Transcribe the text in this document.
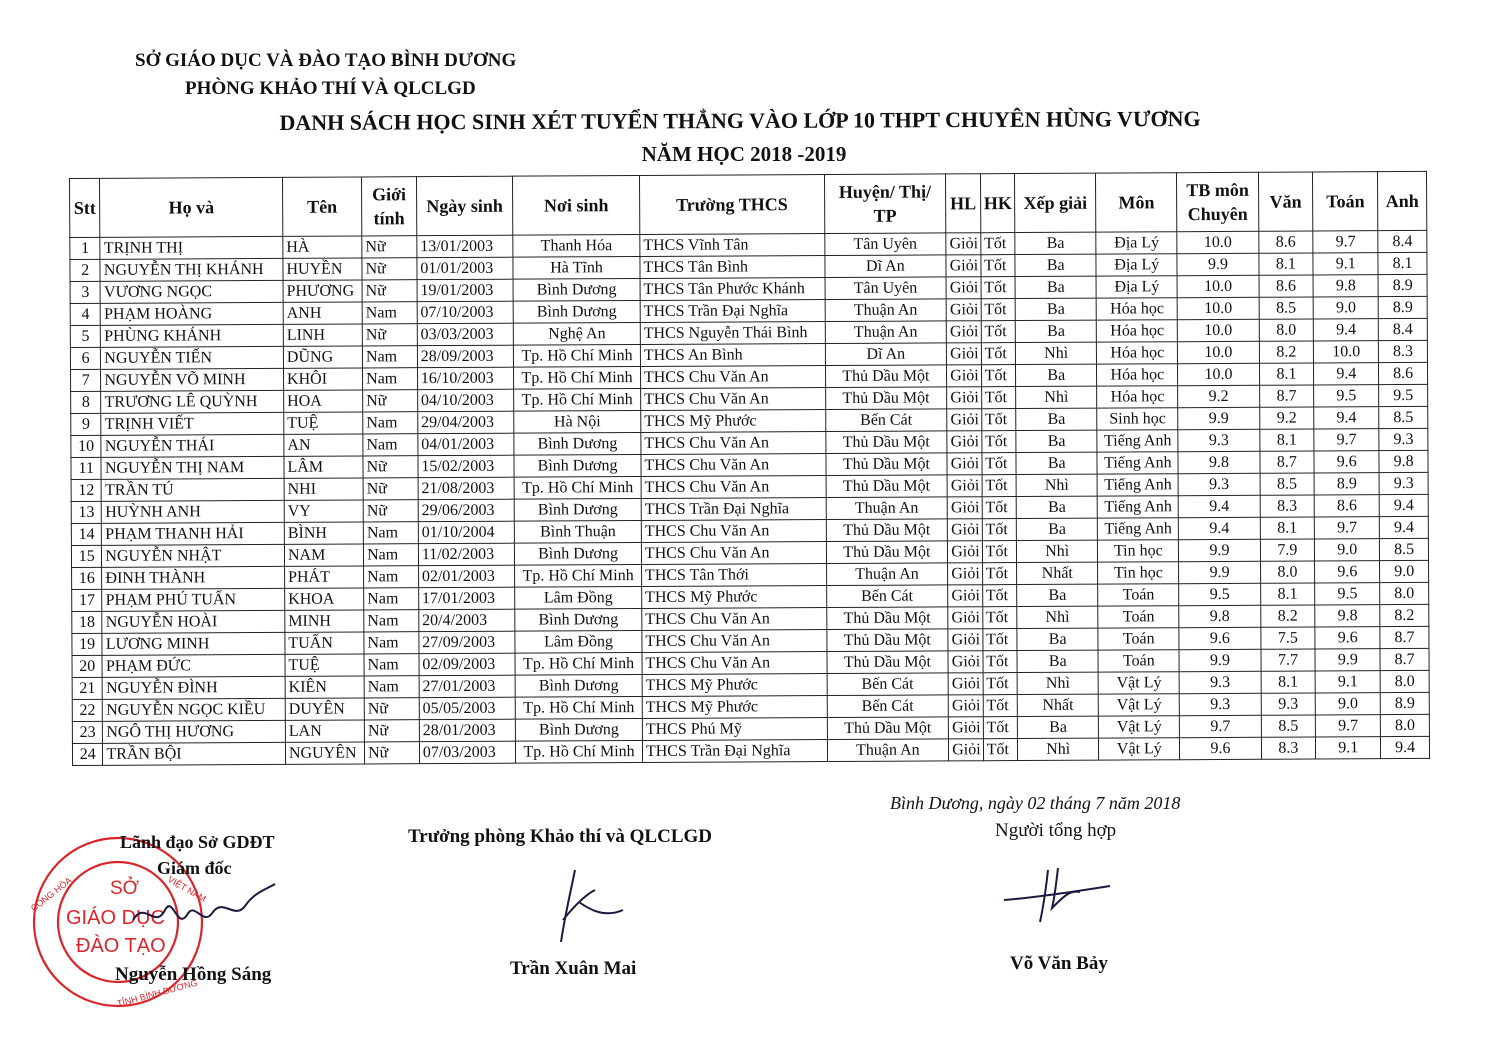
SỞ GIÁO DỤC VÀ ĐÀO TẠO BÌNH DƯƠNG
PHÒNG KHẢO THÍ VÀ QLCLGD
DANH SÁCH HỌC SINH XÉT TUYỂN THẲNG VÀO LỚP 10 THPT CHUYÊN HÙNG VƯƠNG
NĂM HỌC 2018 -2019
Stt	Họ và	Tên	Giới tính	Ngày sinh	Nơi sinh	Trường THCS	Huyện/ Thị/ TP	HL	HK	Xếp giải	Môn	TB môn Chuyên	Văn	Toán	Anh
1	TRỊNH THỊ	HÀ	Nữ	13/01/2003	Thanh Hóa	THCS Vĩnh Tân	Tân Uyên	Giỏi	Tốt	Ba	Địa Lý	10.0	8.6	9.7	8.4
2	NGUYỄN THỊ KHÁNH	HUYỀN	Nữ	01/01/2003	Hà Tĩnh	THCS Tân Bình	Dĩ An	Giỏi	Tốt	Ba	Địa Lý	9.9	8.1	9.1	8.1
3	VƯƠNG NGỌC	PHƯƠNG	Nữ	19/01/2003	Bình Dương	THCS Tân Phước Khánh	Tân Uyên	Giỏi	Tốt	Ba	Địa Lý	10.0	8.6	9.8	8.9
4	PHẠM HOÀNG	ANH	Nam	07/10/2003	Bình Dương	THCS Trần Đại Nghĩa	Thuận An	Giỏi	Tốt	Ba	Hóa học	10.0	8.5	9.0	8.9
5	PHÙNG KHÁNH	LINH	Nữ	03/03/2003	Nghệ An	THCS Nguyễn Thái Bình	Thuận An	Giỏi	Tốt	Ba	Hóa học	10.0	8.0	9.4	8.4
6	NGUYỄN TIẾN	DŨNG	Nam	28/09/2003	Tp. Hồ Chí Minh	THCS An Bình	Dĩ An	Giỏi	Tốt	Nhì	Hóa học	10.0	8.2	10.0	8.3
7	NGUYỄN VÕ MINH	KHÔI	Nam	16/10/2003	Tp. Hồ Chí Minh	THCS Chu Văn An	Thủ Dầu Một	Giỏi	Tốt	Ba	Hóa học	10.0	8.1	9.4	8.6
8	TRƯƠNG LÊ QUỲNH	HOA	Nữ	04/10/2003	Tp. Hồ Chí Minh	THCS Chu Văn An	Thủ Dầu Một	Giỏi	Tốt	Nhì	Hóa học	9.2	8.7	9.5	9.5
9	TRỊNH VIẾT	TUỆ	Nam	29/04/2003	Hà Nội	THCS Mỹ Phước	Bến Cát	Giỏi	Tốt	Ba	Sinh học	9.9	9.2	9.4	8.5
10	NGUYỄN THÁI	AN	Nam	04/01/2003	Bình Dương	THCS Chu Văn An	Thủ Dầu Một	Giỏi	Tốt	Ba	Tiếng Anh	9.3	8.1	9.7	9.3
11	NGUYỄN THỊ NAM	LÂM	Nữ	15/02/2003	Bình Dương	THCS Chu Văn An	Thủ Dầu Một	Giỏi	Tốt	Ba	Tiếng Anh	9.8	8.7	9.6	9.8
12	TRẦN TÚ	NHI	Nữ	21/08/2003	Tp. Hồ Chí Minh	THCS Chu Văn An	Thủ Dầu Một	Giỏi	Tốt	Nhì	Tiếng Anh	9.3	8.5	8.9	9.3
13	HUỲNH ANH	VY	Nữ	29/06/2003	Bình Dương	THCS Trần Đại Nghĩa	Thuận An	Giỏi	Tốt	Ba	Tiếng Anh	9.4	8.3	8.6	9.4
14	PHẠM THANH HẢI	BÌNH	Nam	01/10/2004	Bình Thuận	THCS Chu Văn An	Thủ Dầu Một	Giỏi	Tốt	Ba	Tiếng Anh	9.4	8.1	9.7	9.4
15	NGUYỄN NHẬT	NAM	Nam	11/02/2003	Bình Dương	THCS Chu Văn An	Thủ Dầu Một	Giỏi	Tốt	Nhì	Tin học	9.9	7.9	9.0	8.5
16	ĐINH THÀNH	PHÁT	Nam	02/01/2003	Tp. Hồ Chí Minh	THCS Tân Thới	Thuận An	Giỏi	Tốt	Nhất	Tin học	9.9	8.0	9.6	9.0
17	PHẠM PHÚ TUẤN	KHOA	Nam	17/01/2003	Lâm Đồng	THCS Mỹ Phước	Bến Cát	Giỏi	Tốt	Ba	Toán	9.5	8.1	9.5	8.0
18	NGUYỄN HOÀI	MINH	Nam	20/4/2003	Bình Dương	THCS Chu Văn An	Thủ Dầu Một	Giỏi	Tốt	Nhì	Toán	9.8	8.2	9.8	8.2
19	LƯƠNG MINH	TUẤN	Nam	27/09/2003	Lâm Đồng	THCS Chu Văn An	Thủ Dầu Một	Giỏi	Tốt	Ba	Toán	9.6	7.5	9.6	8.7
20	PHẠM ĐỨC	TUỆ	Nam	02/09/2003	Tp. Hồ Chí Minh	THCS Chu Văn An	Thủ Dầu Một	Giỏi	Tốt	Ba	Toán	9.9	7.7	9.9	8.7
21	NGUYỄN ĐÌNH	KIÊN	Nam	27/01/2003	Bình Dương	THCS Mỹ Phước	Bến Cát	Giỏi	Tốt	Nhì	Vật Lý	9.3	8.1	9.1	8.0
22	NGUYỄN NGỌC KIỀU	DUYÊN	Nữ	05/05/2003	Tp. Hồ Chí Minh	THCS Mỹ Phước	Bến Cát	Giỏi	Tốt	Nhất	Vật Lý	9.3	9.3	9.0	8.9
23	NGÔ THỊ HƯƠNG	LAN	Nữ	28/01/2003	Bình Dương	THCS Phú Mỹ	Thủ Dầu Một	Giỏi	Tốt	Ba	Vật Lý	9.7	8.5	9.7	8.0
24	TRẦN BỘI	NGUYÊN	Nữ	07/03/2003	Tp. Hồ Chí Minh	THCS Trần Đại Nghĩa	Thuận An	Giỏi	Tốt	Nhì	Vật Lý	9.6	8.3	9.1	9.4
Bình Dương, ngày 02 tháng 7 năm 2018
SỞ
GIÁO DỤC
ĐÀO TẠO
CỘNG HÒA	VIỆT NAM
TỈNH BÌNH DƯƠNG
Lãnh đạo Sở GDĐT
Giám đốc
Nguyễn Hồng Sáng
Trưởng phòng Khảo thí và QLCLGD
Trần Xuân Mai
Người tổng hợp
Võ Văn Bảy
